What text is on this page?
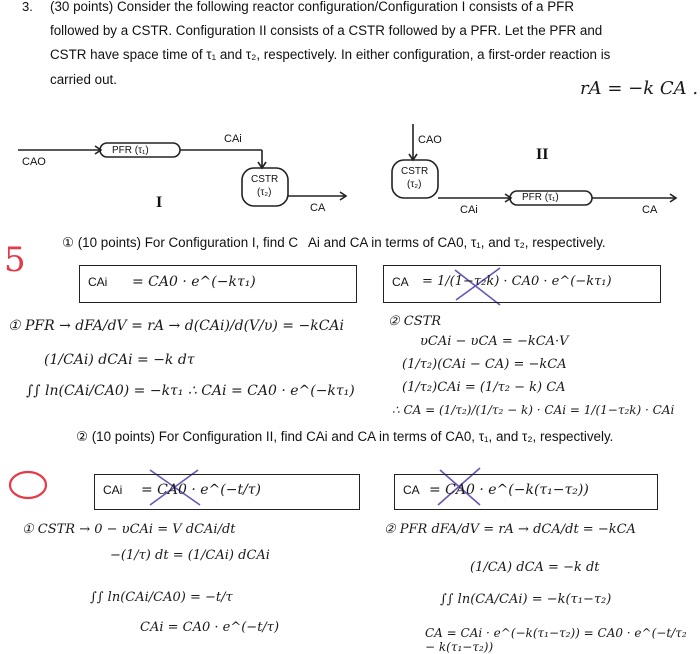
3. (30 points) Consider the following reactor configuration/Configuration I consists of a PFR
followed by a CSTR. Configuration II consists of a CSTR followed by a PFR. Let the PFR and
CSTR have space time of τ₁ and τ₂, respectively. In either configuration, a first-order reaction is
carried out.	rA = −k CA .
CAO
PFR (τ₁)
CAi
CSTR
(τ₂)
CA
I
CAO
CSTR
(τ₂)
CAi
PFR (τ₁)
CA
II
5	① (10 points) For Configuration I, find C Ai and CA in terms of CA0, τ₁, and τ₂, respectively.
CAi = CA0 · e^(−kτ₁)	CA = 1/(1−τ₂k) · CA0 · e^(−kτ₁)
① PFR → dFA/dV = rA → d(CAi)/d(V/υ) = −kCAi
(1/CAi) dCAi = −k dτ
∫∫ ln(CAi/CA0) = −kτ₁ ∴ CAi = CA0 · e^(−kτ₁)
② CSTR
υCAi − υCA = −kCA·V
(1/τ₂)(CAi − CA) = −kCA
(1/τ₂)CAi = (1/τ₂ − k) CA
∴ CA = (1/τ₂)/(1/τ₂ − k) · CAi = 1/(1−τ₂k) · CAi
② (10 points) For Configuration II, find CAi and CA in terms of CA0, τ₁, and τ₂, respectively.
CAi = CA0 · e^(−t/τ)	CA = CA0 · e^(−k(τ₁−τ₂))
① CSTR → 0 − υCAi = V dCAi/dt
−(1/τ) dt = (1/CAi) dCAi
∫∫ ln(CAi/CA0) = −t/τ
CAi = CA0 · e^(−t/τ)
② PFR dFA/dV = rA → dCA/dt = −kCA
(1/CA) dCA = −k dt
∫∫ ln(CA/CAi) = −k(τ₁−τ₂)
CA = CAi · e^(−k(τ₁−τ₂)) = CA0 · e^(−t/τ₂ − k(τ₁−τ₂))
